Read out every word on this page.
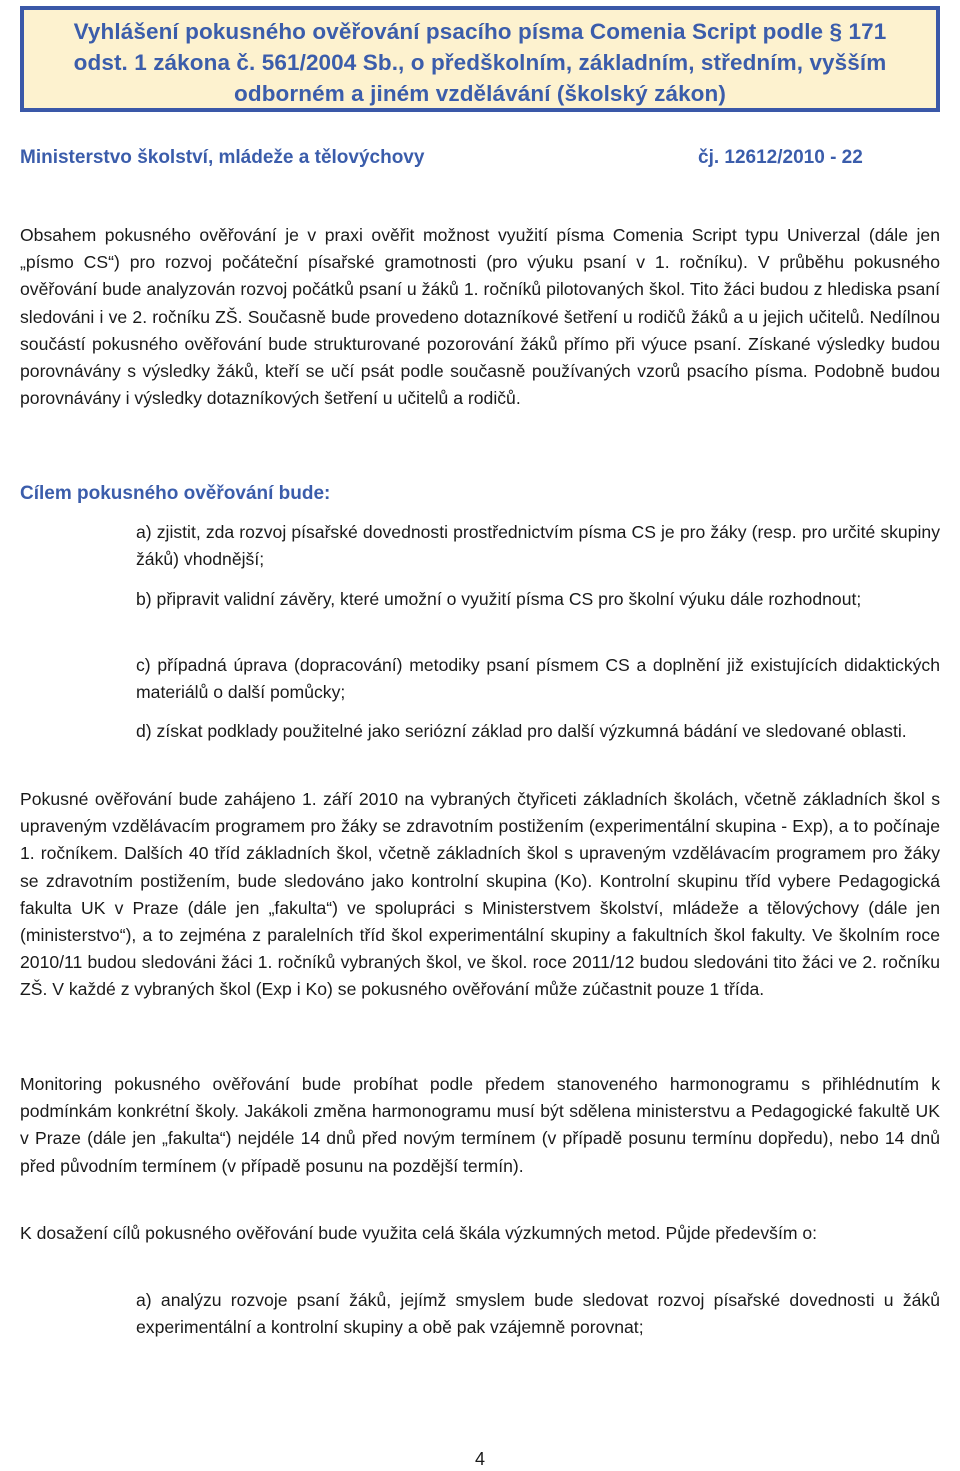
Vyhlášení pokusného ověřování psacího písma Comenia Script podle § 171
odst. 1 zákona č. 561/2004 Sb., o předškolním, základním, středním, vyšším
odborném a jiném vzdělávání (školský zákon)
Ministerstvo školství, mládeže a tělovýchovy	čj. 12612/2010 - 22

Obsahem pokusného ověřování je v praxi ověřit možnost využití písma Comenia Script typu Univerzal (dále jen „písmo CS“) pro rozvoj počáteční písařské gramotnosti (pro výuku psaní v 1. ročníku). V průběhu pokusného ověřování bude analyzován rozvoj počátků psaní u žáků 1. ročníků pilotovaných škol. Tito žáci budou z hlediska psaní sledováni i ve 2. ročníku ZŠ. Současně bude provedeno dotazníkové šetření u rodičů žáků a u jejich učitelů. Nedílnou součástí pokusného ověřování bude strukturované pozorování žáků přímo při výuce psaní. Získané výsledky budou porovnávány s výsledky žáků, kteří se učí psát podle současně používaných vzorů psacího písma. Podobně budou porovnávány i výsledky dotazníkových šetření u učitelů a rodičů.

Cílem pokusného ověřování bude:

a) zjistit, zda rozvoj písařské dovednosti prostřednictvím písma CS je pro žáky (resp. pro určité skupiny žáků) vhodnější;

b) připravit validní závěry, které umožní o využití písma CS pro školní výuku dále rozhodnout;

c) případná úprava (dopracování) metodiky psaní písmem CS a doplnění již existujících didaktických materiálů o další pomůcky;

d) získat podklady použitelné jako seriózní základ pro další výzkumná bádání ve sledované oblasti.

Pokusné ověřování bude zahájeno 1. září 2010 na vybraných čtyřiceti základních školách, včetně základních škol s upraveným vzdělávacím programem pro žáky se zdravotním postižením (experimentální skupina - Exp), a to počínaje 1. ročníkem. Dalších 40 tříd základních škol, včetně základních škol s upraveným vzdělávacím programem pro žáky se zdravotním postižením, bude sledováno jako kontrolní skupina (Ko). Kontrolní skupinu tříd vybere Pedagogická fakulta UK v Praze (dále jen „fakulta“) ve spolupráci s Ministerstvem školství, mládeže a tělovýchovy (dále jen (ministerstvo“), a to zejména z paralelních tříd škol experimentální skupiny a fakultních škol fakulty. Ve školním roce 2010/11 budou sledováni žáci 1. ročníků vybraných škol, ve škol. roce 2011/12 budou sledováni tito žáci ve 2. ročníku ZŠ. V každé z vybraných škol (Exp i Ko) se pokusného ověřování může zúčastnit pouze 1 třída.

Monitoring pokusného ověřování bude probíhat podle předem stanoveného harmonogramu s přihlédnutím k podmínkám konkrétní školy. Jakákoli změna harmonogramu musí být sdělena ministerstvu a Pedagogické fakultě UK v Praze (dále jen „fakulta“) nejdéle 14 dnů před novým termínem (v případě posunu termínu dopředu), nebo 14 dnů před původním termínem (v případě posunu na pozdější termín).

K dosažení cílů pokusného ověřování bude využita celá škála výzkumných metod. Půjde především o:

a) analýzu rozvoje psaní žáků, jejímž smyslem bude sledovat rozvoj písařské dovednosti u žáků experimentální a kontrolní skupiny a obě pak vzájemně porovnat;

4
